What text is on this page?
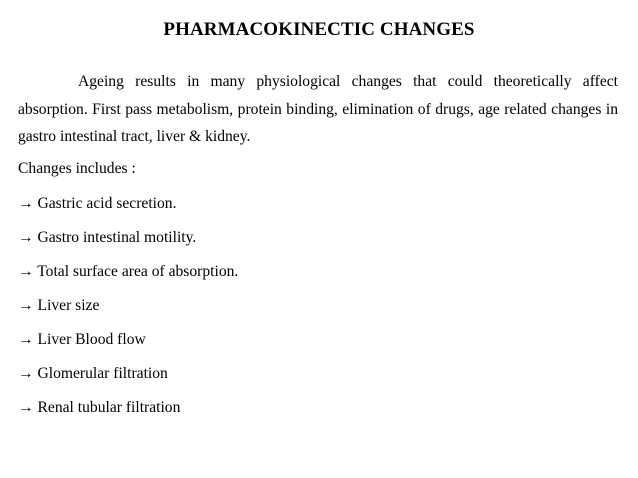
PHARMACOKINECTIC CHANGES

Ageing results in many physiological changes that could theoretically affect absorption. First pass metabolism, protein binding, elimination of drugs, age related changes in gastro intestinal tract, liver & kidney.

Changes includes :
→ Gastric acid secretion.
→ Gastro intestinal motility.
→ Total surface area of absorption.
→ Liver size
→ Liver Blood flow
→ Glomerular filtration
→ Renal tubular filtration
